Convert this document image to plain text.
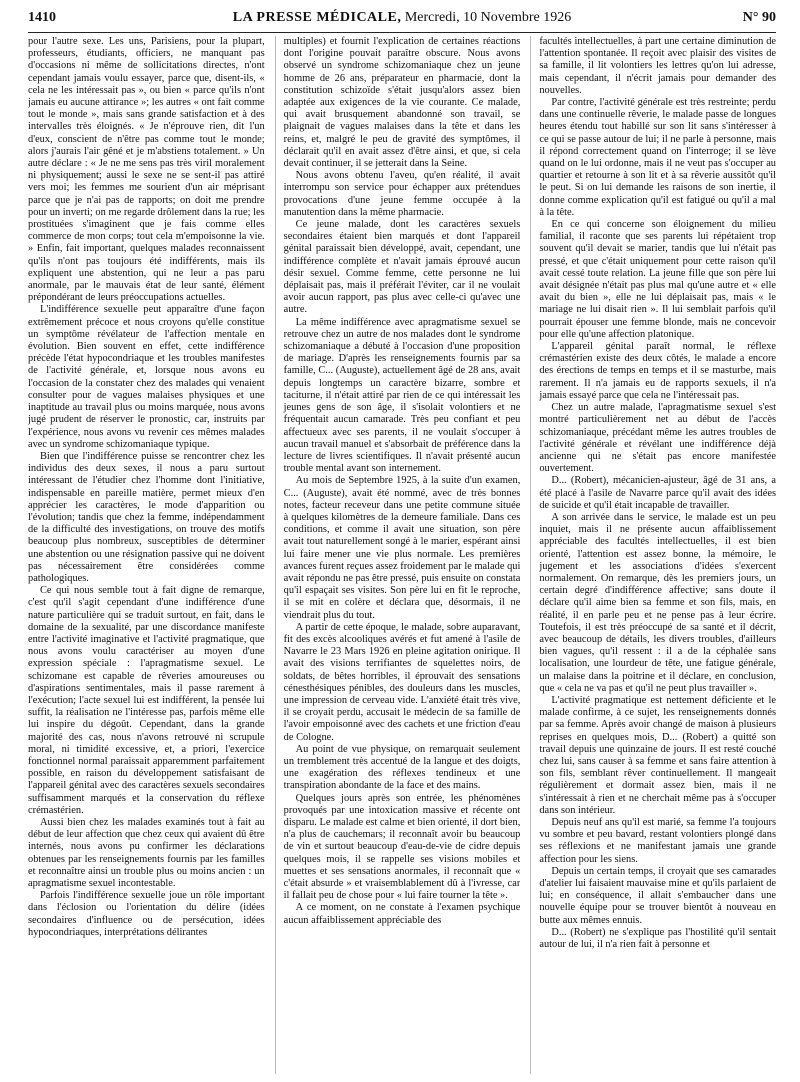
1410	LA PRESSE MÉDICALE, Mercredi, 10 Novembre 1926	N° 90

pour l'autre sexe. Les uns, Parisiens, pour la plupart, professeurs, étudiants, officiers, ne manquant pas d'occasions ni même de sollicitations directes, n'ont cependant jamais voulu essayer, parce que, disent-ils, « cela ne les intéressait pas », ou bien « parce qu'ils n'ont jamais eu aucune attirance »; les autres « ont fait comme tout le monde », mais sans grande satisfaction et à des intervalles très éloignés. « Je n'éprouve rien, dit l'un d'eux, conscient de n'être pas comme tout le monde; alors j'aurais l'air gêné et je m'abstiens totalement. » Un autre déclare : « Je ne me sens pas très viril moralement ni physiquement; aussi le sexe ne se sent-il pas attiré vers moi; les femmes me sourient d'un air méprisant parce que je n'ai pas de rapports; on doit me prendre pour un inverti; on me regarde drôlement dans la rue; les prostituées s'imaginent que je fais comme elles commerce de mon corps; tout cela m'empoisonne la vie. » Enfin, fait important, quelques malades reconnaissent qu'ils n'ont pas toujours été indifférents, mais ils expliquent une abstention, qui ne leur a pas paru anormale, par le mauvais état de leur santé, élément prépondérant de leurs préoccupations actuelles.

L'indifférence sexuelle peut apparaître d'une façon extrêmement précoce et nous croyons qu'elle constitue un symptôme révélateur de l'affection mentale en évolution. Bien souvent en effet, cette indifférence précède l'état hypocondriaque et les troubles manifestes de l'activité générale, et, lorsque nous avons eu l'occasion de la constater chez des malades qui venaient consulter pour de vagues malaises physiques et une inaptitude au travail plus ou moins marquée, nous avons jugé prudent de réserver le pronostic, car, instruits par l'expérience, nous avons vu revenir ces mêmes malades avec un syndrome schizomaniaque typique.

Bien que l'indifférence puisse se rencontrer chez les individus des deux sexes, il nous a paru surtout intéressant de l'étudier chez l'homme dont l'initiative, indispensable en pareille matière, permet mieux d'en apprécier les caractères, le mode d'apparition ou l'évolution; tandis que chez la femme, indépendamment de la difficulté des investigations, on trouve des motifs beaucoup plus nombreux, susceptibles de déterminer une abstention ou une résignation passive qui ne doivent pas nécessairement être considérées comme pathologiques.

Ce qui nous semble tout à fait digne de remarque, c'est qu'il s'agit cependant d'une indifférence d'une nature particulière qui se traduit surtout, en fait, dans le domaine de la sexualité, par une discordance manifeste entre l'activité imaginative et l'activité pragmatique, que nous avons voulu caractériser au moyen d'une expression spéciale : l'apragmatisme sexuel. Le schizomane est capable de rêveries amoureuses ou d'aspirations sentimentales, mais il passe rarement à l'exécution; l'acte sexuel lui est indifférent, la pensée lui suffit, la réalisation ne l'intéresse pas, parfois même elle lui inspire du dégoût. Cependant, dans la grande majorité des cas, nous n'avons retrouvé ni scrupule moral, ni timidité excessive, et, a priori, l'exercice fonctionnel normal paraissait apparemment parfaitement possible, en raison du développement satisfaisant de l'appareil génital avec des caractères sexuels secondaires suffisamment marqués et la conservation du réflexe crémastérien.

Aussi bien chez les malades examinés tout à fait au début de leur affection que chez ceux qui avaient dû être internés, nous avons pu confirmer les déclarations obtenues par les renseignements fournis par les familles et reconnaître ainsi un trouble plus ou moins ancien : un apragmatisme sexuel incontestable.

Parfois l'indifférence sexuelle joue un rôle important dans l'éclosion ou l'orientation du délire (idées secondaires d'influence ou de persécution, idées hypocondriaques, interprétations délirantes

multiples) et fournit l'explication de certaines réactions dont l'origine pouvait paraître obscure. Nous avons observé un syndrome schizomaniaque chez un jeune homme de 26 ans, préparateur en pharmacie, dont la constitution schizoïde s'était jusqu'alors assez bien adaptée aux exigences de la vie courante. Ce malade, qui avait brusquement abandonné son travail, se plaignait de vagues malaises dans la tête et dans les reins, et, malgré le peu de gravité des symptômes, il déclarait qu'il en avait assez d'être ainsi, et que, si cela devait continuer, il se jetterait dans la Seine.

Nous avons obtenu l'aveu, qu'en réalité, il avait interrompu son service pour échapper aux prétendues provocations d'une jeune femme occupée à la manutention dans la même pharmacie.

Ce jeune malade, dont les caractères sexuels secondaires étaient bien marqués et dont l'appareil génital paraissait bien développé, avait, cependant, une indifférence complète et n'avait jamais éprouvé aucun désir sexuel. Comme femme, cette personne ne lui déplaisait pas, mais il préférait l'éviter, car il ne voulait avoir aucun rapport, pas plus avec celle-ci qu'avec une autre.

La même indifférence avec apragmatisme sexuel se retrouve chez un autre de nos malades dont le syndrome schizomaniaque a débuté à l'occasion d'une proposition de mariage. D'après les renseignements fournis par sa famille, C... (Auguste), actuellement âgé de 28 ans, avait depuis longtemps un caractère bizarre, sombre et taciturne, il n'était attiré par rien de ce qui intéressait les jeunes gens de son âge, il s'isolait volontiers et ne fréquentait aucun camarade. Très peu confiant et peu affectueux avec ses parents, il ne voulait s'occuper à aucun travail manuel et s'absorbait de préférence dans la lecture de livres scientifiques. Il n'avait présenté aucun trouble mental avant son internement.

Au mois de Septembre 1925, à la suite d'un examen, C... (Auguste), avait été nommé, avec de très bonnes notes, facteur receveur dans une petite commune située à quelques kilomètres de la demeure familiale. Dans ces conditions, et comme il avait une situation, son père avait tout naturellement songé à le marier, espérant ainsi lui faire mener une vie plus normale. Les premières avances furent reçues assez froidement par le malade qui avait répondu ne pas être pressé, puis ensuite on constata qu'il espaçait ses visites. Son père lui en fit le reproche, il se mit en colère et déclara que, désormais, il ne viendrait plus du tout.

A partir de cette époque, le malade, sobre auparavant, fit des excès alcooliques avérés et fut amené à l'asile de Navarre le 23 Mars 1926 en pleine agitation onirique. Il avait des visions terrifiantes de squelettes noirs, de soldats, de bêtes horribles, il éprouvait des sensations cénesthésiques pénibles, des douleurs dans les muscles, une impression de cerveau vide. L'anxiété était très vive, il se croyait perdu, accusait le médecin de sa famille de l'avoir empoisonné avec des cachets et une friction d'eau de Cologne.

Au point de vue physique, on remarquait seulement un tremblement très accentué de la langue et des doigts, une exagération des réflexes tendineux et une transpiration abondante de la face et des mains.

Quelques jours après son entrée, les phénomènes provoqués par une intoxication massive et récente ont disparu. Le malade est calme et bien orienté, il dort bien, n'a plus de cauchemars; il reconnaît avoir bu beaucoup de vin et surtout beaucoup d'eau-de-vie de cidre depuis quelques mois, il se rappelle ses visions mobiles et muettes et ses sensations anormales, il reconnaît que « c'était absurde » et vraisemblablement dû à l'ivresse, car il fallait peu de chose pour « lui faire tourner la tête ».

A ce moment, on ne constate à l'examen psychique aucun affaiblissement appréciable des

facultés intellectuelles, à part une certaine diminution de l'attention spontanée. Il reçoit avec plaisir des visites de sa famille, il lit volontiers les lettres qu'on lui adresse, mais cependant, il n'écrit jamais pour demander des nouvelles.

Par contre, l'activité générale est très restreinte; perdu dans une continuelle rêverie, le malade passe de longues heures étendu tout habillé sur son lit sans s'intéresser à ce qui se passe autour de lui; il ne parle à personne, mais il répond correctement quand on l'interroge; il se lève quand on le lui ordonne, mais il ne veut pas s'occuper au quartier et retourne à son lit et à sa rêverie aussitôt qu'il le peut. Si on lui demande les raisons de son inertie, il donne comme explication qu'il est fatigué ou qu'il a mal à la tête.

En ce qui concerne son éloignement du milieu familial, il raconte que ses parents lui répétaient trop souvent qu'il devait se marier, tandis que lui n'était pas pressé, et que c'était uniquement pour cette raison qu'il avait cessé toute relation. La jeune fille que son père lui avait désignée n'était pas plus mal qu'une autre et « elle avait du bien », elle ne lui déplaisait pas, mais « le mariage ne lui disait rien ». Il lui semblait parfois qu'il pourrait épouser une femme blonde, mais ne concevoir pour elle qu'une affection platonique.

L'appareil génital paraît normal, le réflexe crémastérien existe des deux côtés, le malade a encore des érections de temps en temps et il se masturbe, mais rarement. Il n'a jamais eu de rapports sexuels, il n'a jamais essayé parce que cela ne l'intéressait pas.

Chez un autre malade, l'apragmatisme sexuel s'est montré particulièrement net au début de l'accès schizomaniaque, précédant même les autres troubles de l'activité générale et révélant une indifférence déjà ancienne qui ne s'était pas encore manifestée ouvertement.

D... (Robert), mécanicien-ajusteur, âgé de 31 ans, a été placé à l'asile de Navarre parce qu'il avait des idées de suicide et qu'il était incapable de travailler.

A son arrivée dans le service, le malade est un peu inquiet, mais il ne présente aucun affaiblissement appréciable des facultés intellectuelles, il est bien orienté, l'attention est assez bonne, la mémoire, le jugement et les associations d'idées s'exercent normalement. On remarque, dès les premiers jours, un certain degré d'indifférence affective; sans doute il déclare qu'il aime bien sa femme et son fils, mais, en réalité, il en parle peu et ne pense pas à leur écrire. Toutefois, il est très préoccupé de sa santé et il décrit, avec beaucoup de détails, les divers troubles, d'ailleurs bien vagues, qu'il ressent : il a de la céphalée sans localisation, une lourdeur de tête, une fatigue générale, un malaise dans la poitrine et il déclare, en conclusion, que « cela ne va pas et qu'il ne peut plus travailler ».

L'activité pragmatique est nettement déficiente et le malade confirme, à ce sujet, les renseignements donnés par sa femme. Après avoir changé de maison à plusieurs reprises en quelques mois, D... (Robert) a quitté son travail depuis une quinzaine de jours. Il est resté couché chez lui, sans causer à sa femme et sans faire attention à son fils, semblant rêver continuellement. Il mangeait régulièrement et dormait assez bien, mais il ne s'intéressait à rien et ne cherchait même pas à s'occuper dans son intérieur.

Depuis neuf ans qu'il est marié, sa femme l'a toujours vu sombre et peu bavard, restant volontiers plongé dans ses réflexions et ne manifestant jamais une grande affection pour les siens.

Depuis un certain temps, il croyait que ses camarades d'atelier lui faisaient mauvaise mine et qu'ils parlaient de lui; en conséquence, il allait s'embaucher dans une nouvelle équipe pour se trouver bientôt à nouveau en butte aux mêmes ennuis.

D... (Robert) ne s'explique pas l'hostilité qu'il sentait autour de lui, il n'a rien fait à personne et
